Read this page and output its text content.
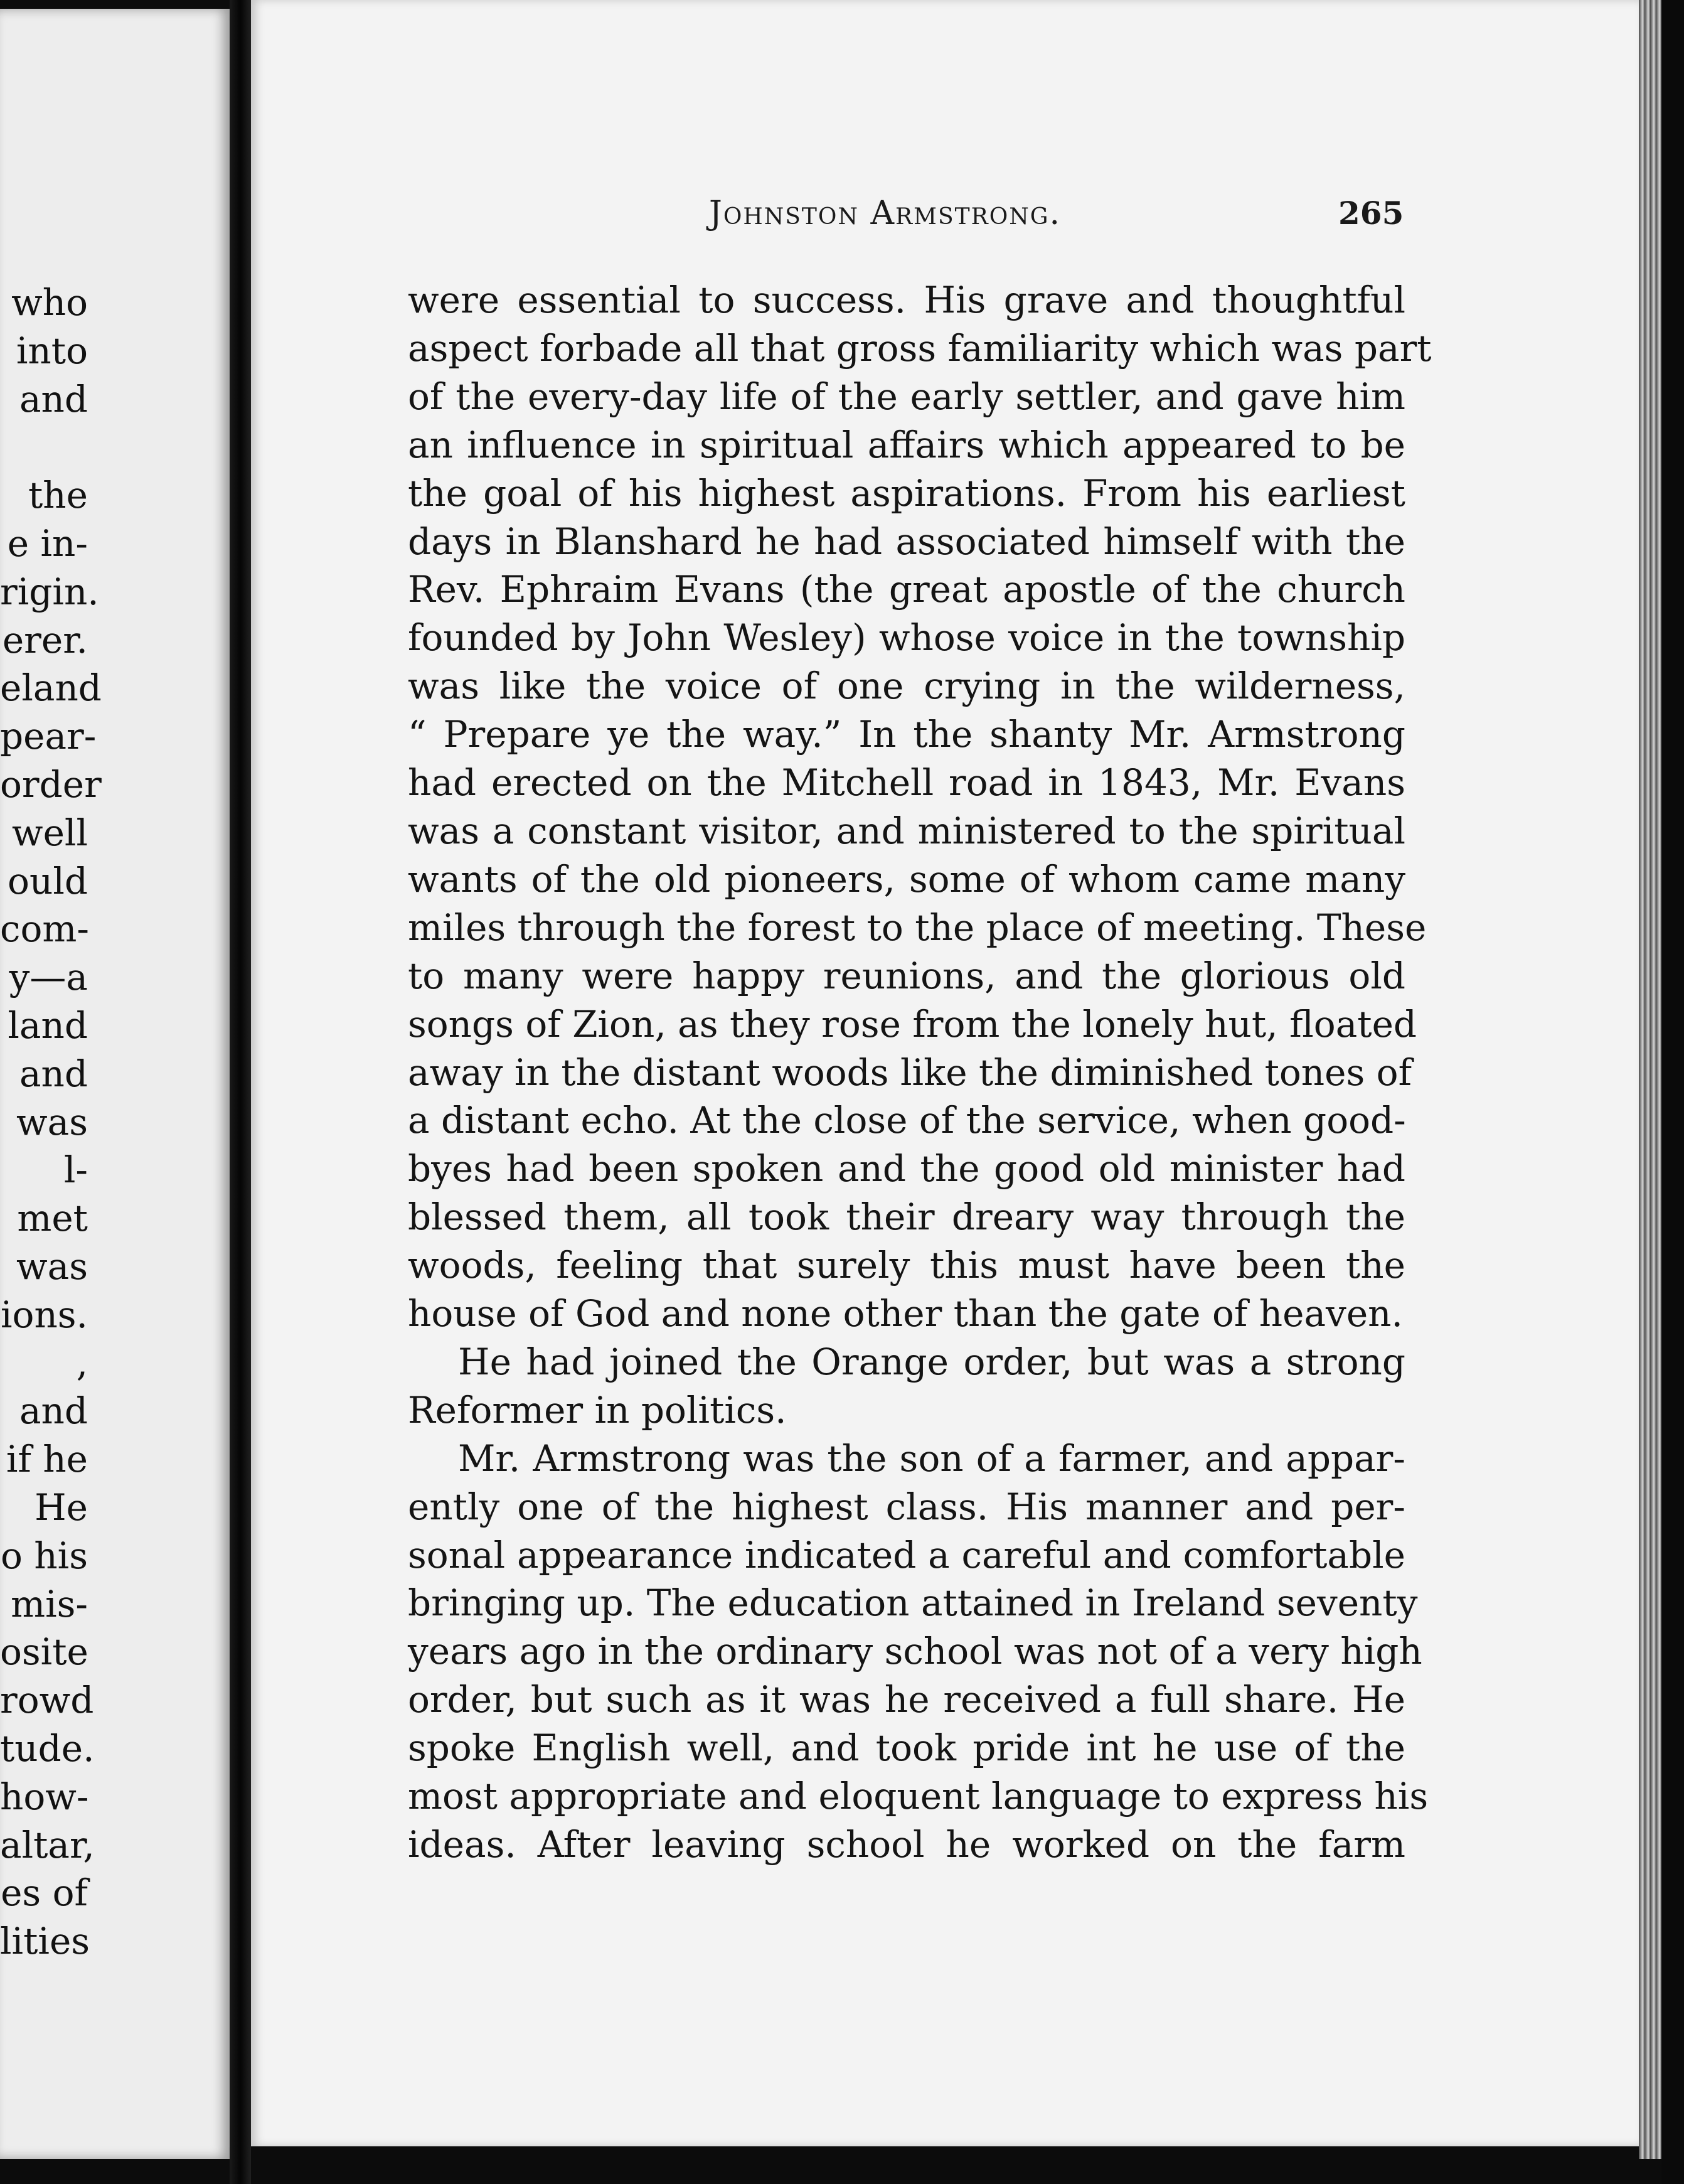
who
into
and
the
e in-
rigin.
erer.
eland
pear-
order
well
ould
com-
y—a
land
and
was
l-met
was
ions.
, and
if he
He
o his
mis-
osite
rowd
tude.
how-
altar,
es of
lities
Johnston Armstrong.	265
were essential to success. His grave and thoughtful
aspect forbade all that gross familiarity which was part
of the every-day life of the early settler, and gave him
an influence in spiritual affairs which appeared to be
the goal of his highest aspirations. From his earliest
days in Blanshard he had associated himself with the
Rev. Ephraim Evans (the great apostle of the church
founded by John Wesley) whose voice in the township
was like the voice of one crying in the wilderness,
“ Prepare ye the way.” In the shanty Mr. Armstrong
had erected on the Mitchell road in 1843, Mr. Evans
was a constant visitor, and ministered to the spiritual
wants of the old pioneers, some of whom came many
miles through the forest to the place of meeting. These
to many were happy reunions, and the glorious old
songs of Zion, as they rose from the lonely hut, floated
away in the distant woods like the diminished tones of
a distant echo. At the close of the service, when good-
byes had been spoken and the good old minister had
blessed them, all took their dreary way through the
woods, feeling that surely this must have been the
house of God and none other than the gate of heaven.
He had joined the Orange order, but was a strong
Reformer in politics.
Mr. Armstrong was the son of a farmer, and appar-
ently one of the highest class. His manner and per-
sonal appearance indicated a careful and comfortable
bringing up. The education attained in Ireland seventy
years ago in the ordinary school was not of a very high
order, but such as it was he received a full share. He
spoke English well, and took pride int he use of the
most appropriate and eloquent language to express his
ideas. After leaving school he worked on the farm
